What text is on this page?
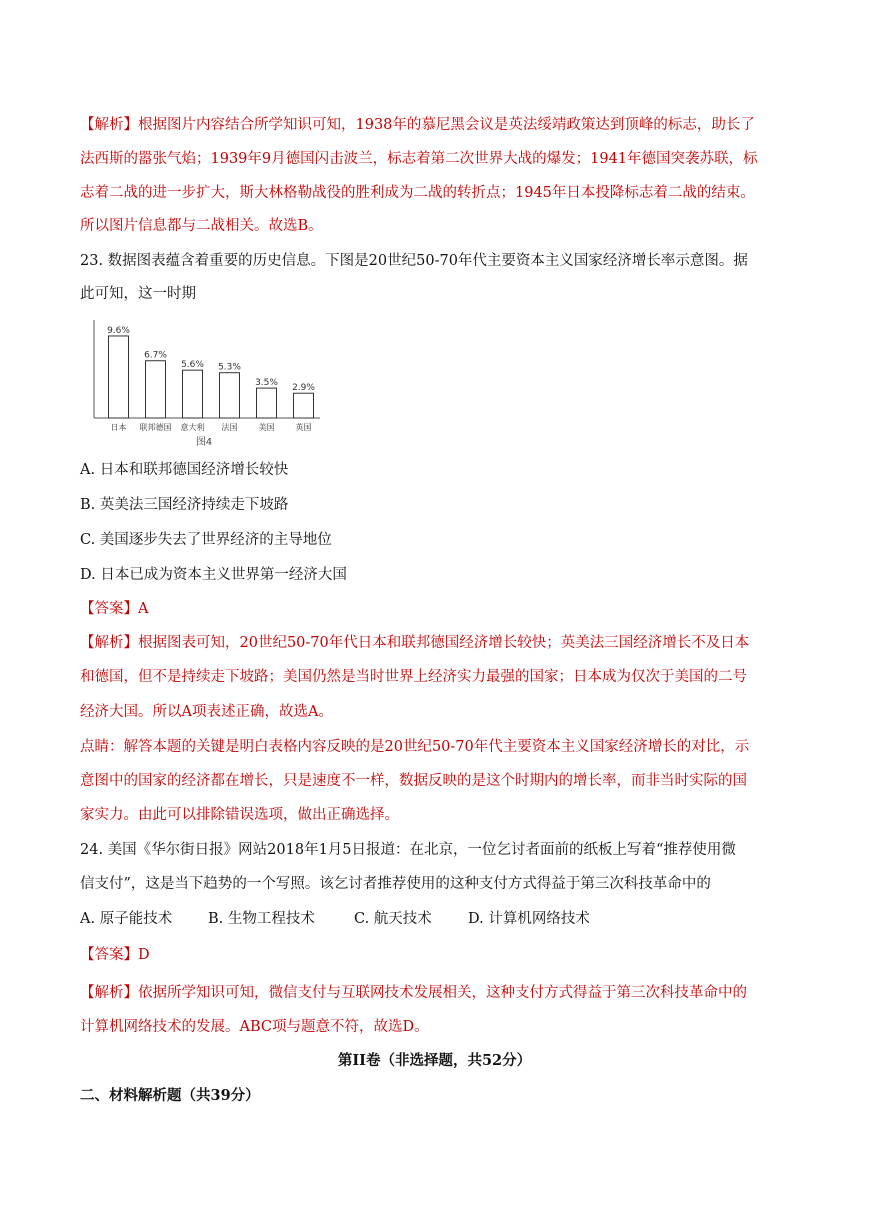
【解析】根据图片内容结合所学知识可知，1938年的慕尼黑会议是英法绥靖政策达到顶峰的标志，助长了
法西斯的嚣张气焰；1939年9月德国闪击波兰，标志着第二次世界大战的爆发；1941年德国突袭苏联，标
志着二战的进一步扩大，斯大林格勒战役的胜利成为二战的转折点；1945年日本投降标志着二战的结束。
所以图片信息都与二战相关。故选B。
23. 数据图表蕴含着重要的历史信息。下图是20世纪50-70年代主要资本主义国家经济增长率示意图。据
此可知，这一时期
9.6%
日本
6.7%
联邦德国
5.6%
意大利
5.3%
法国
3.5%
美国
2.9%
英国
图4
A. 日本和联邦德国经济增长较快
B. 英美法三国经济持续走下坡路
C. 美国逐步失去了世界经济的主导地位
D. 日本已成为资本主义世界第一经济大国
【答案】A
【解析】根据图表可知，20世纪50-70年代日本和联邦德国经济增长较快；英美法三国经济增长不及日本
和德国，但不是持续走下坡路；美国仍然是当时世界上经济实力最强的国家；日本成为仅次于美国的二号
经济大国。所以A项表述正确，故选A。
点睛：解答本题的关键是明白表格内容反映的是20世纪50-70年代主要资本主义国家经济增长的对比，示
意图中的国家的经济都在增长，只是速度不一样，数据反映的是这个时期内的增长率，而非当时实际的国
家实力。由此可以排除错误选项，做出正确选择。
24. 美国《华尔街日报》网站2018年1月5日报道：在北京，一位乞讨者面前的纸板上写着“推荐使用微
信支付”，这是当下趋势的一个写照。该乞讨者推荐使用的这种支付方式得益于第三次科技革命中的
A. 原子能技术 B. 生物工程技术	C. 航天技术 D. 计算机网络技术
【答案】D
【解析】依据所学知识可知，微信支付与互联网技术发展相关，这种支付方式得益于第三次科技革命中的
计算机网络技术的发展。ABC项与题意不符，故选D。
第II卷（非选择题，共52分）
二、材料解析题（共39分）
